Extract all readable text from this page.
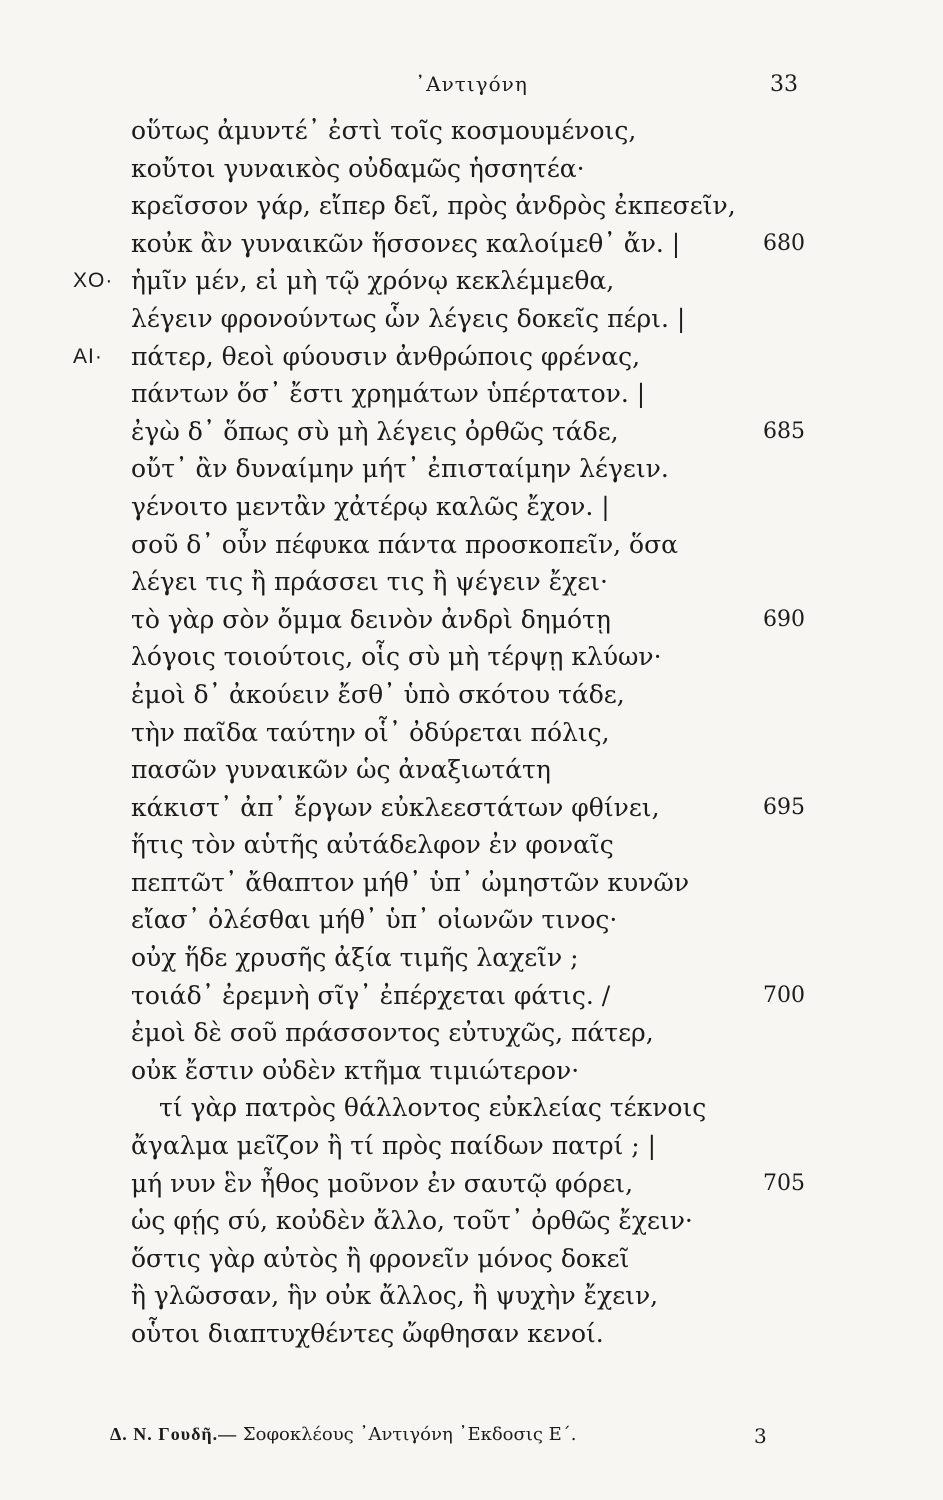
᾿Αντιγόνη	33
οὕτως ἀμυντέ᾿ ἐστὶ τοῖς κοσμουμένοις,
κοὔτοι γυναικὸς οὐδαμῶς ἡσσητέα·
κρεῖσσον γάρ, εἴπερ δεῖ, πρὸς ἀνδρὸς ἐκπεσεῖν,
κοὐκ ἂν γυναικῶν ἥσσονες καλοίμεθ᾿ ἄν. |	680
ΧΟ· ἡμῖν μέν, εἰ μὴ τῷ χρόνῳ κεκλέμμεθα,
λέγειν φρονούντως ὧν λέγεις δοκεῖς πέρι. |
ΑΙ· πάτερ, θεοὶ φύουσιν ἀνθρώποις φρένας,
πάντων ὅσ᾿ ἔστι χρημάτων ὑπέρτατον. |
ἐγὼ δ᾿ ὅπως σὺ μὴ λέγεις ὀρθῶς τάδε,	685
οὔτ᾿ ἂν δυναίμην μήτ᾿ ἐπισταίμην λέγειν.
γένοιτο μεντἂν χἀτέρῳ καλῶς ἔχον. |
σοῦ δ᾿ οὖν πέφυκα πάντα προσκοπεῖν, ὅσα
λέγει τις ἢ πράσσει τις ἢ ψέγειν ἔχει·
τὸ γὰρ σὸν ὄμμα δεινὸν ἀνδρὶ δημότῃ	690
λόγοις τοιούτοις, οἷς σὺ μὴ τέρψῃ κλύων·
ἐμοὶ δ᾿ ἀκούειν ἔσθ᾿ ὑπὸ σκότου τάδε,
τὴν παῖδα ταύτην οἷ᾿ ὀδύρεται πόλις,
πασῶν γυναικῶν ὡς ἀναξιωτάτη
κάκιστ᾿ ἀπ᾿ ἔργων εὐκλεεστάτων φθίνει,	695
ἥτις τὸν αὑτῆς αὐτάδελφον ἐν φοναῖς
πεπτῶτ᾿ ἄθαπτον μήθ᾿ ὑπ᾿ ὠμηστῶν κυνῶν
εἴασ᾿ ὀλέσθαι μήθ᾿ ὑπ᾿ οἰωνῶν τινος·
οὐχ ἥδε χρυσῆς ἀξία τιμῆς λαχεῖν ;
τοιάδ᾿ ἐρεμνὴ σῖγ᾿ ἐπέρχεται φάτις. /	700
ἐμοὶ δὲ σοῦ πράσσοντος εὐτυχῶς, πάτερ,
οὐκ ἔστιν οὐδὲν κτῆμα τιμιώτερον·
τί γὰρ πατρὸς θάλλοντος εὐκλείας τέκνοις
ἄγαλμα μεῖζον ἢ τί πρὸς παίδων πατρί ; |
μή νυν ἓν ἦθος μοῦνον ἐν σαυτῷ φόρει,	705
ὡς φῄς σύ, κοὐδὲν ἄλλο, τοῦτ᾿ ὀρθῶς ἔχειν·
ὅστις γὰρ αὐτὸς ἢ φρονεῖν μόνος δοκεῖ
ἢ γλῶσσαν, ἣν οὐκ ἄλλος, ἢ ψυχὴν ἔχειν,
οὗτοι διαπτυχθέντες ὤφθησαν κενοί.
Δ. Ν. Γουδῆ.— Σοφοκλέους ᾿Αντιγόνη ᾿Εκδοσις Ε΄.	3
